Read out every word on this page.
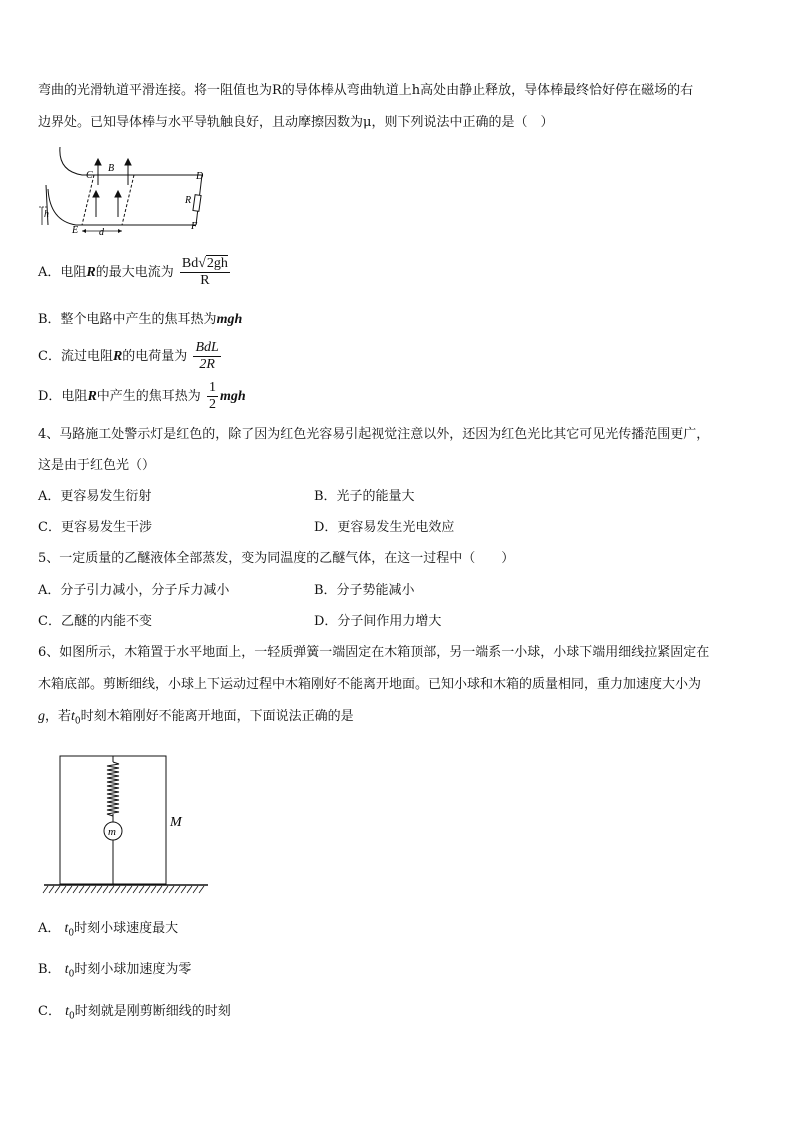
弯曲的光滑轨道平滑连接。将一阻值也为R的导体棒从弯曲轨道上h高处由静止释放，导体棒最终恰好停在磁场的右
边界处。已知导体棒与水平导轨触良好，且动摩擦因数为μ，则下列说法中正确的是（　）
C
B
D
h
R
E d
F
A．电阻R的最大电流为 $\frac{Bd√2gh}{R}$
B．整个电路中产生的焦耳热为mgh
C．流过电阻R的电荷量为 $\frac{\text{BdL}}{2R}$
D．电阻R中产生的焦耳热为 $\frac{1}{2}$ mgh
4、马路施工处警示灯是红色的，除了因为红色光容易引起视觉注意以外，还因为红色光比其它可见光传播范围更广，
这是由于红色光（）
A．更容易发生衍射	B．光子的能量大
C．更容易发生干涉	D．更容易发生光电效应
5、一定质量的乙醚液体全部蒸发，变为同温度的乙醚气体，在这一过程中（　　）
A．分子引力减小，分子斥力减小	B．分子势能减小
C．乙醚的内能不变	D．分子间作用力增大
6、如图所示，木箱置于水平地面上，一轻质弹簧一端固定在木箱顶部，另一端系一小球，小球下端用细线拉紧固定在
木箱底部。剪断细线，小球上下运动过程中木箱刚好不能离开地面。已知小球和木箱的质量相同，重力加速度大小为
g，若$t_0$时刻木箱刚好不能离开地面，下面说法正确的是
m
M
A． $t_0$时刻小球速度最大
B． $t_0$时刻小球加速度为零
C． $t_0$时刻就是刚剪断细线的时刻
